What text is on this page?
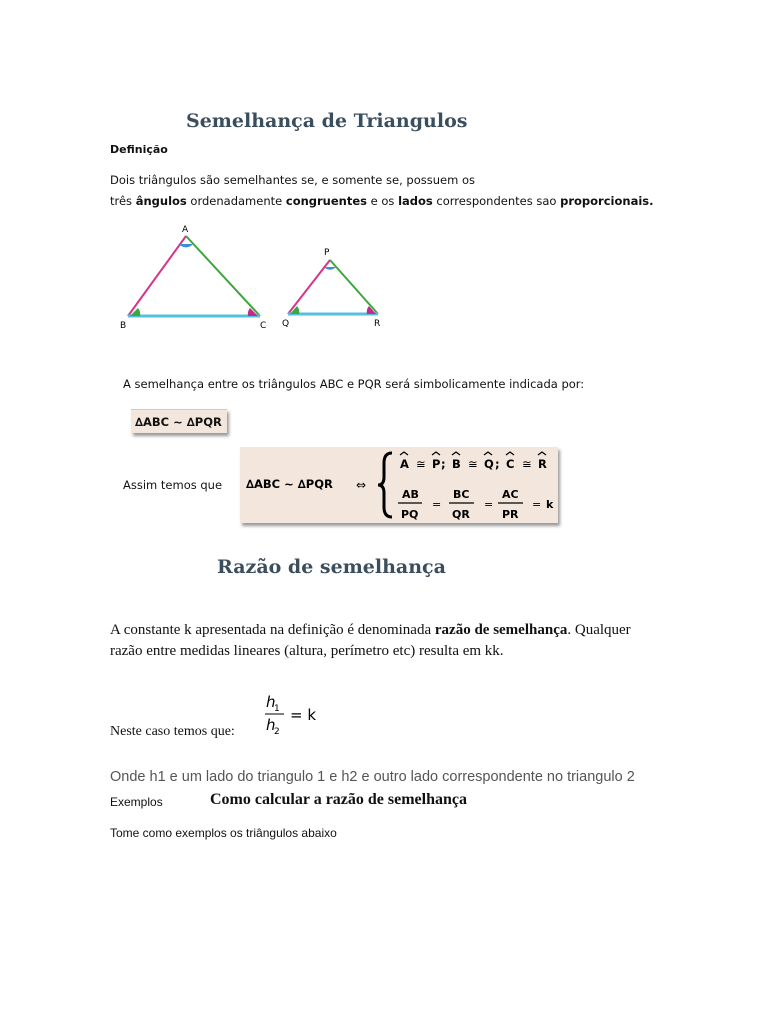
Semelhança de Triangulos
Definição
Dois triângulos são semelhantes se, e somente se, possuem os
três ângulos ordenadamente congruentes e os lados correspondentes sao proporcionais.
A
B	C
P
Q	R
A semelhança entre os triângulos ABC e PQR será simbolicamente indicada por:
∆ABC ~ ∆PQR
Assim temos que ∆ABC ~ ∆PQR ⇔
A ≅ P ; B ≅ Q ; C ≅ R
AB
PQ
=
BC
QR
=
AC
PR
= k
Razão de semelhança
A constante k apresentada na definição é denominada razão de semelhança. Qualquer
razão entre medidas lineares (altura, perímetro etc) resulta em kk.
Neste caso temos que:
h
1
h
2
= k
Onde h1 e um lado do triangulo 1 e h2 e outro lado correspondente no triangulo 2
Exemplos	Como calcular a razão de semelhança
Tome como exemplos os triângulos abaixo
